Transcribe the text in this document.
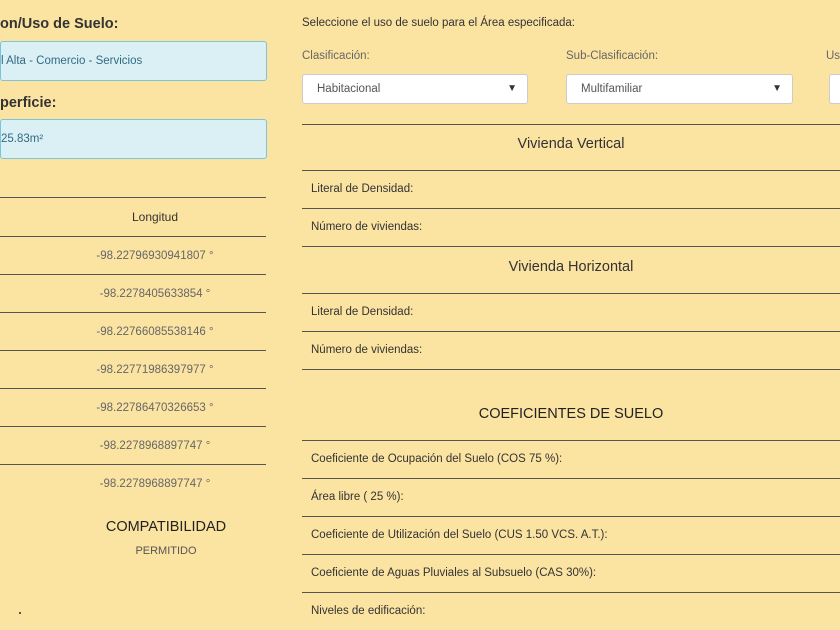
on/Uso de Suelo:
l Alta - Comercio - Servicios
perficie:
25.83m²
Longitud
-98.22796930941807 °
-98.2278405633854 °
-98.22766085538146 °
-98.22771986397977 °
-98.22786470326653 °
-98.2278968897747 °
-98.2278968897747 °
COMPATIBILIDAD
PERMITIDO
Seleccione el uso de suelo para el Área especificada:
Clasificación:
Habitacional	▼
Sub-Clasificación:
Multifamiliar	▼
Us
Vivienda Vertical
Literal de Densidad:
Número de viviendas:
Vivienda Horizontal
Literal de Densidad:
Número de viviendas:
COEFICIENTES DE SUELO
Coeficiente de Ocupación del Suelo (COS 75 %):
Área libre ( 25 %):
Coeficiente de Utilización del Suelo (CUS 1.50 VCS. A.T.):
Coeficiente de Aguas Pluviales al Subsuelo (CAS 30%):
Niveles de edificación:
